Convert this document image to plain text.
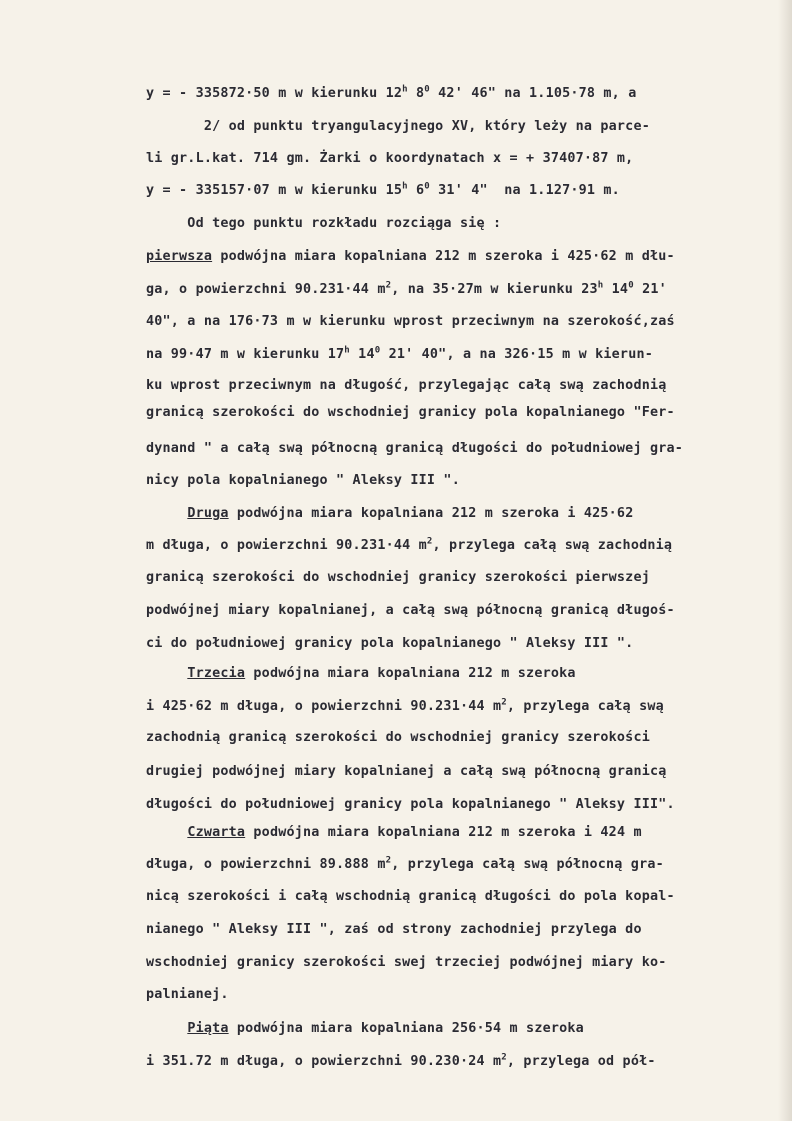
y = - 335872·50 m w kierunku 12$^h$ $8^0$ 42' 46" na 1.105·78 m, a
2/ od punktu tryangulacyjnego XV, który leży na parce-
li gr.L.kat. 714 gm. Żarki o koordynatach x = + 37407·87 m,
y = - 335157·07 m w kierunku 15$^h$ $6^0$ 31' 4"  na 1.127·91 m.
Od tego punktu rozkładu rozciąga się :
pierwsza podwójna miara kopalniana 212 m szeroka i 425·62 m dłu-
ga, o powierzchni 90.231·44 $m^2$, na 35·27m w kierunku 23$^h$ $14^0$ 21'
40", a na 176·73 m w kierunku wprost przeciwnym na szerokość,zaś
na 99·47 m w kierunku 17$^h$ $14^0$ 21' 40", a na 326·15 m w kierun-
ku wprost przeciwnym na długość, przylegając całą swą zachodnią
granicą szerokości do wschodniej granicy pola kopalnianego "Fer-
dynand " a całą swą północną granicą długości do południowej gra-
nicy pola kopalnianego " Aleksy III ".
Druga podwójna miara kopalniana 212 m szeroka i 425·62
m długa, o powierzchni 90.231·44 $m^2$, przylega całą swą zachodnią
granicą szerokości do wschodniej granicy szerokości pierwszej
podwójnej miary kopalnianej, a całą swą północną granicą długoś-
ci do południowej granicy pola kopalnianego " Aleksy III ".
Trzecia podwójna miara kopalniana 212 m szeroka
i 425·62 m długa, o powierzchni 90.231·44 $m^2$, przylega całą swą
zachodnią granicą szerokości do wschodniej granicy szerokości
drugiej podwójnej miary kopalnianej a całą swą północną granicą
długości do południowej granicy pola kopalnianego " Aleksy III".
Czwarta podwójna miara kopalniana 212 m szeroka i 424 m
długa, o powierzchni 89.888 $m^2$, przylega całą swą północną gra-
nicą szerokości i całą wschodnią granicą długości do pola kopal-
nianego " Aleksy III ", zaś od strony zachodniej przylega do
wschodniej granicy szerokości swej trzeciej podwójnej miary ko-
palnianej.
Piąta podwójna miara kopalniana 256·54 m szeroka
i 351.72 m długa, o powierzchni 90.230·24 $m^2$, przylega od pół-
